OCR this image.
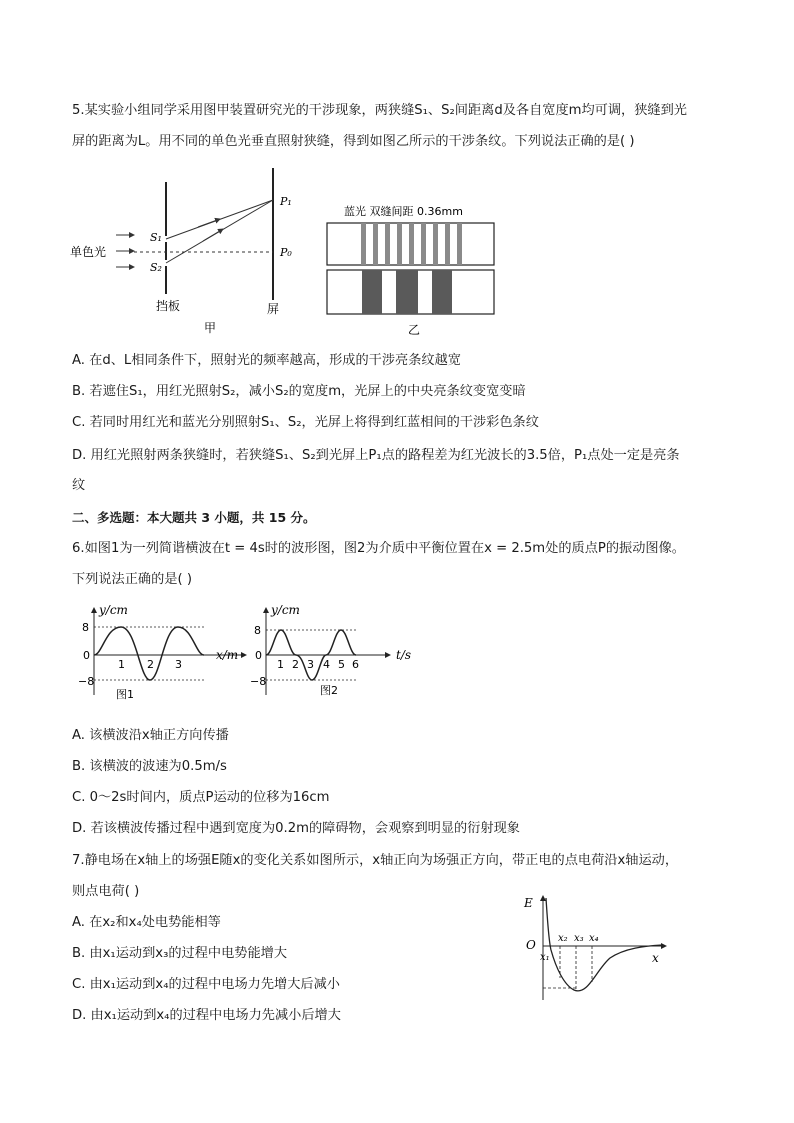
5.某实验小组同学采用图甲装置研究光的干涉现象，两狭缝S₁、S₂间距离d及各自宽度m均可调，狭缝到光
屏的距离为L。用不同的单色光垂直照射狭缝，得到如图乙所示的干涉条纹。下列说法正确的是( )
单色光
S₁
S₂
挡板
P₁
P₀
屏
甲
蓝光 双缝间距 0.36mm
乙
A. 在d、L相同条件下，照射光的频率越高，形成的干涉亮条纹越宽
B. 若遮住S₁，用红光照射S₂，减小S₂的宽度m，光屏上的中央亮条纹变宽变暗
C. 若同时用红光和蓝光分别照射S₁、S₂，光屏上将得到红蓝相间的干涉彩色条纹
D. 用红光照射两条狭缝时，若狭缝S₁、S₂到光屏上P₁点的路程差为红光波长的3.5倍，P₁点处一定是亮条
纹
二、多选题：本大题共 3 小题，共 15 分。
6.如图1为一列简谐横波在t = 4s时的波形图，图2为介质中平衡位置在x = 2.5m处的质点P的振动图像。
下列说法正确的是( )
y/cm
x/m
8
0
−8
1 2 3
图1
y/cm
t/s
8
0
−8
1 2 3 4 5 6
图2
A. 该横波沿x轴正方向传播
B. 该横波的波速为0.5m/s
C. 0～2s时间内，质点P运动的位移为16cm
D. 若该横波传播过程中遇到宽度为0.2m的障碍物，会观察到明显的衍射现象
7.静电场在x轴上的场强E随x的变化关系如图所示，x轴正向为场强正方向，带正电的点电荷沿x轴运动，
则点电荷( )
A. 在x₂和x₄处电势能相等
B. 由x₁运动到x₃的过程中电势能增大
C. 由x₁运动到x₄的过程中电场力先增大后减小
D. 由x₁运动到x₄的过程中电场力先减小后增大
E
O
x
x₁
x₂ x₃ x₄
